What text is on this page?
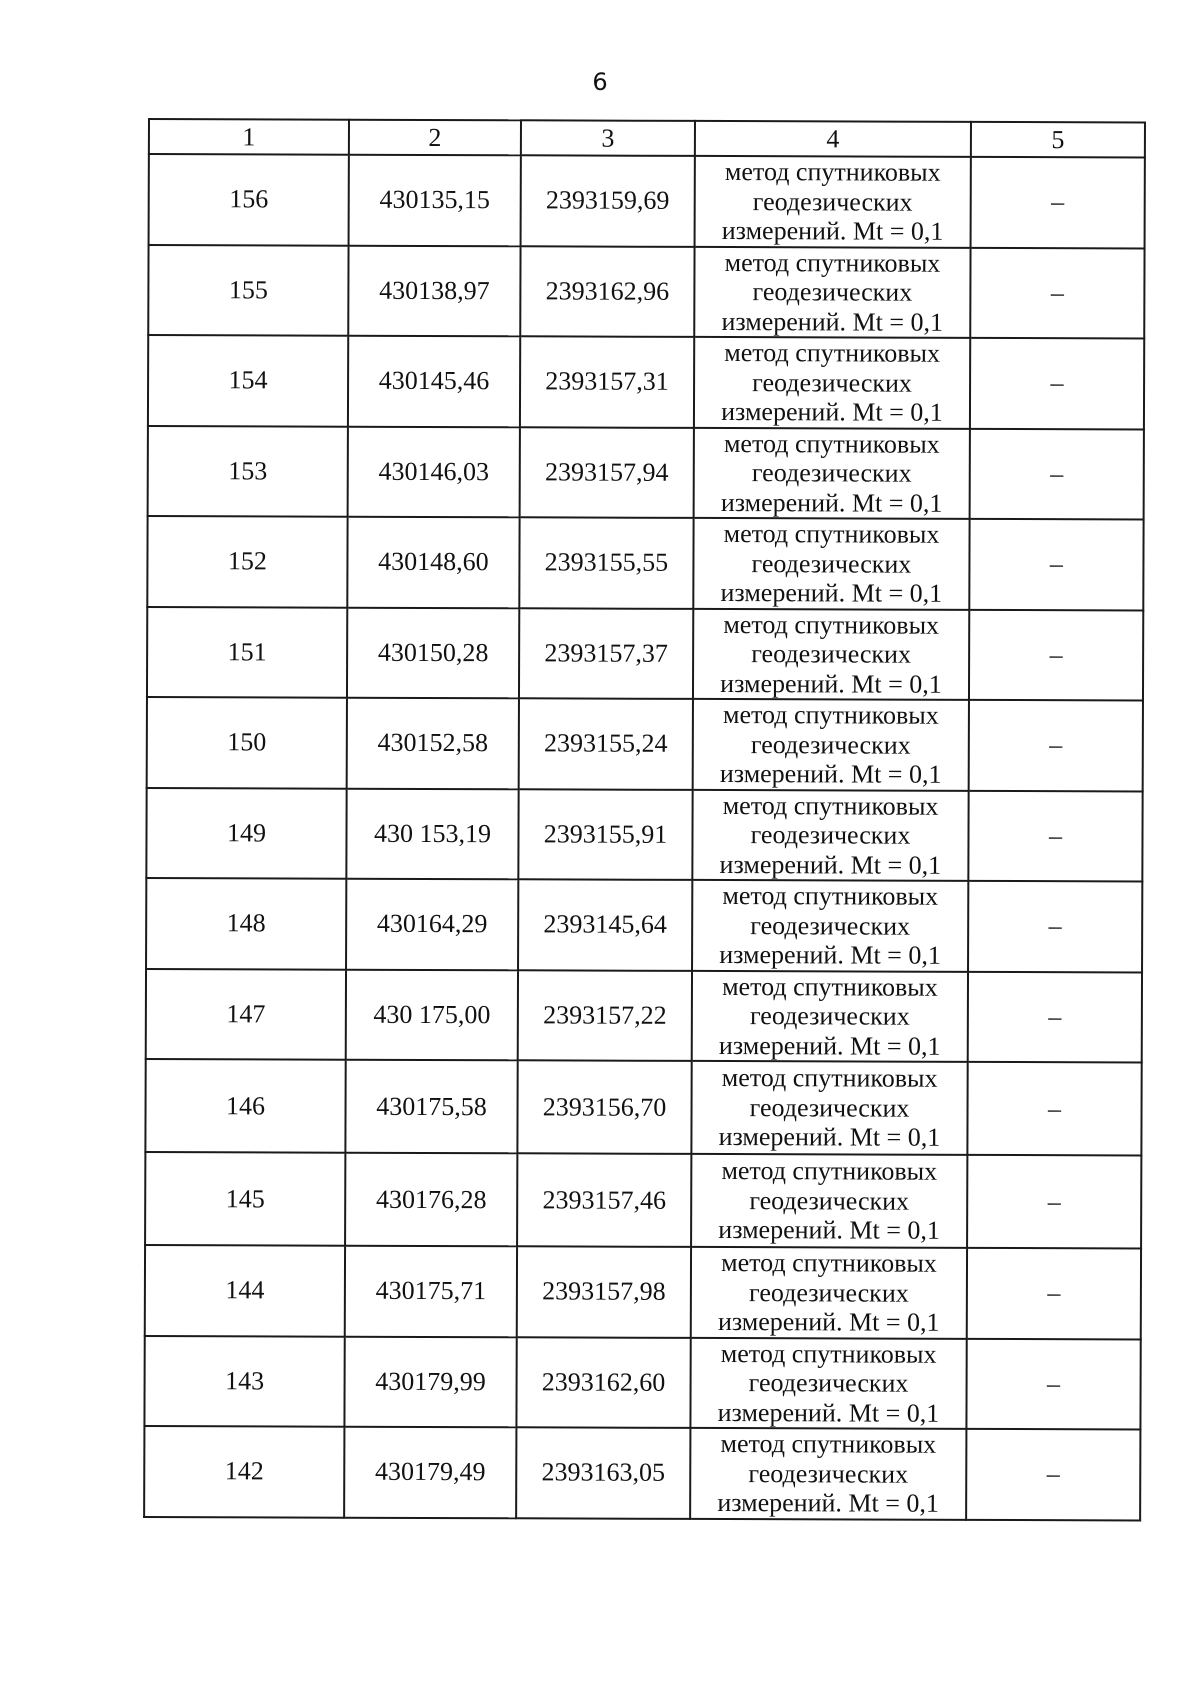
6
1	2	3	4	5
156	430135,15	2393159,69	метод спутниковых
геодезических
измерений. Mt = 0,1	–
155	430138,97	2393162,96	метод спутниковых
геодезических
измерений. Mt = 0,1	–
154	430145,46	2393157,31	метод спутниковых
геодезических
измерений. Mt = 0,1	–
153	430146,03	2393157,94	метод спутниковых
геодезических
измерений. Mt = 0,1	–
152	430148,60	2393155,55	метод спутниковых
геодезических
измерений. Mt = 0,1	–
151	430150,28	2393157,37	метод спутниковых
геодезических
измерений. Mt = 0,1	–
150	430152,58	2393155,24	метод спутниковых
геодезических
измерений. Mt = 0,1	–
149	430 153,19	2393155,91	метод спутниковых
геодезических
измерений. Mt = 0,1	–
148	430164,29	2393145,64	метод спутниковых
геодезических
измерений. Mt = 0,1	–
147	430 175,00	2393157,22	метод спутниковых
геодезических
измерений. Mt = 0,1	–
146	430175,58	2393156,70	метод спутниковых
геодезических
измерений. Mt = 0,1	–
145	430176,28	2393157,46	метод спутниковых
геодезических
измерений. Mt = 0,1	–
144	430175,71	2393157,98	метод спутниковых
геодезических
измерений. Mt = 0,1	–
143	430179,99	2393162,60	метод спутниковых
геодезических
измерений. Mt = 0,1	–
142	430179,49	2393163,05	метод спутниковых
геодезических
измерений. Mt = 0,1	–
